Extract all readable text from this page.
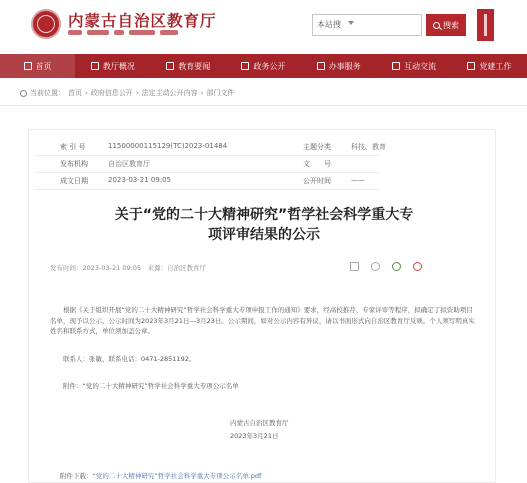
内蒙古自治区教育厅	本站搜	搜索
首页	教厅概况	教育要闻	政务公开	办事服务	互动交流	党建工作
当前位置： 首页 › 政府信息公开 › 法定主动公开内容 › 部门文件
索 引 号	11500000115129(TC)2023-01484	主题分类	科技、教育
发布机构	自治区教育厅	文　　号
成文日期	2023-03-21 09:05	公开时间	——
关于“党的二十大精神研究”哲学社会科学重大专
项评审结果的公示
发布时间：2023-03-21 09:05　来源：自治区教育厅
根据《关于组织开展“党的二十大精神研究”哲学社会科学重大专项申报工作的通知》要求，经高校推荐、专家评审等程序，拟确定了拟资助项目名单，现予以公示。公示时间为2023年3月21日—3月23日。公示期间，如对公示内容有异议，请以书面形式向自治区教育厅反映。个人须写明真实姓名和联系方式，单位须加盖公章。
联系人：张敏，联系电话：0471-2851192。
附件：“党的二十大精神研究”哲学社会科学重大专项公示名单
内蒙古自治区教育厅
2023年3月21日
附件下载：“党的二十大精神研究”哲学社会科学重大专项公示名单.pdf
